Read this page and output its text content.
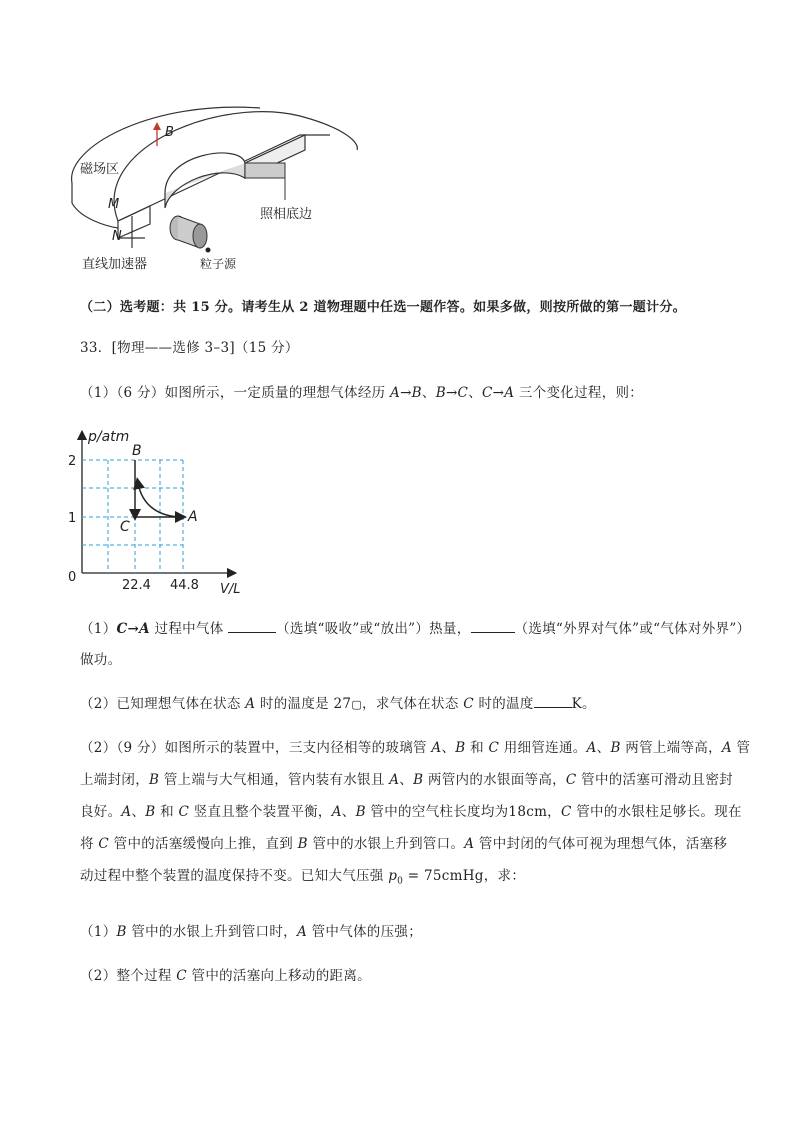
B
磁场区
M
N
照相底边
直线加速器	粒子源
（二）选考题：共 15 分。请考生从 2 道物理题中任选一题作答。如果多做，则按所做的第一题计分。
33．[物理——选修 3–3]（15 分）
（1）（6 分）如图所示，一定质量的理想气体经历 A→B、B→C、C→A 三个变化过程，则：
p/atm
V/L
0
2
1
22.4 44.8
B
C
A
（1）C→A 过程中气体	（选填“吸收”或“放出”）热量，	（选填“外界对气体”或“气体对外界”）
做功。
（2）已知理想气体在状态 A 时的温度是 27▢，求气体在状态 C 时的温度	K。
（2）（9 分）如图所示的装置中，三支内径相等的玻璃管 A、B 和 C 用细管连通。A、B 两管上端等高，A 管
上端封闭，B 管上端与大气相通，管内装有水银且 A、B 两管内的水银面等高，C 管中的活塞可滑动且密封
良好。A、B 和 C 竖直且整个装置平衡，A、B 管中的空气柱长度均为18cm，C 管中的水银柱足够长。现在
将 C 管中的活塞缓慢向上推，直到 B 管中的水银上升到管口。A 管中封闭的气体可视为理想气体，活塞移
动过程中整个装置的温度保持不变。已知大气压强 $p_0$ = 75cmHg，求：
（1）B 管中的水银上升到管口时，A 管中气体的压强；
（2）整个过程 C 管中的活塞向上移动的距离。
